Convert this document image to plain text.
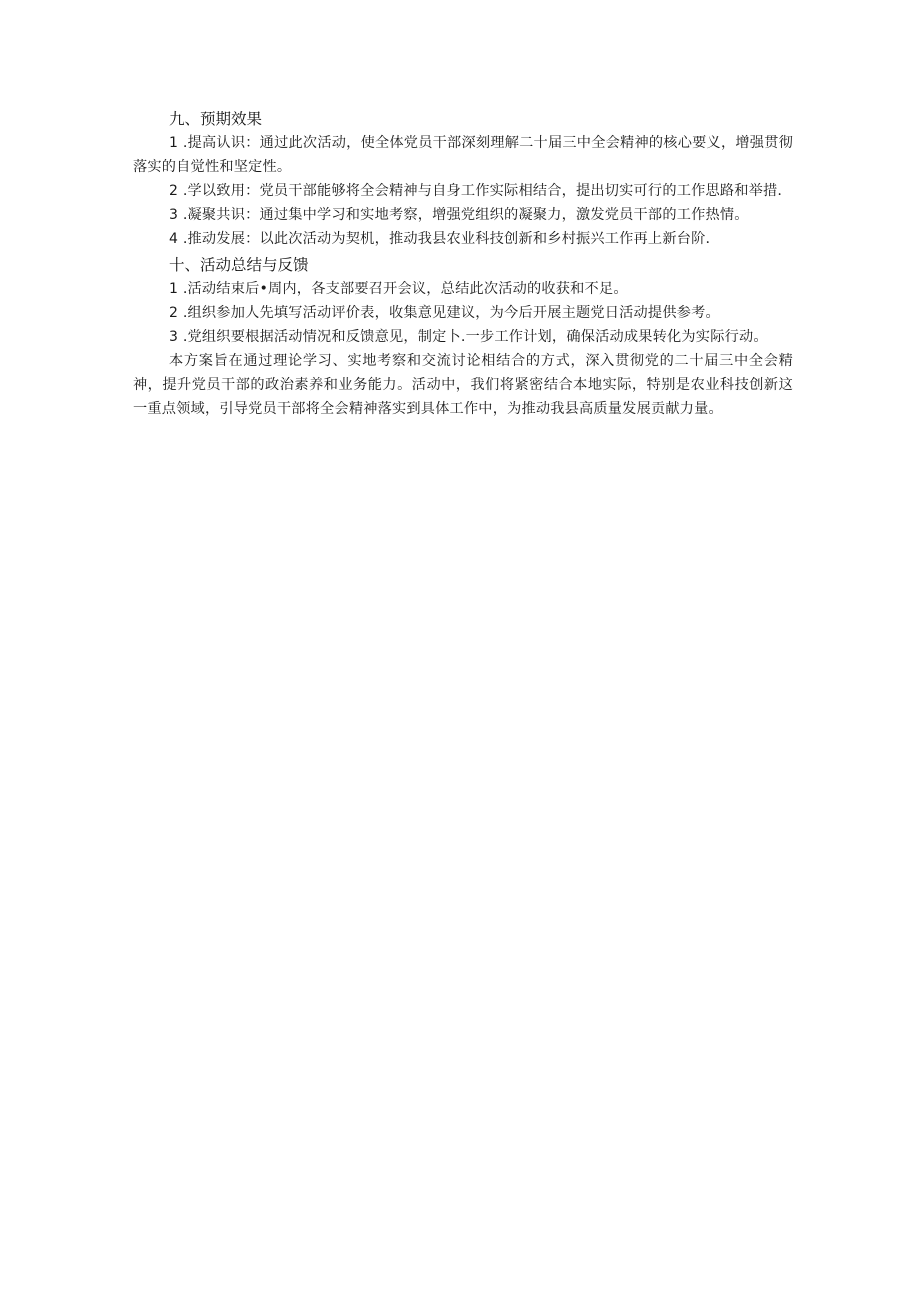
九、预期效果

1 .提高认识：通过此次活动，使全体党员干部深刻理解二十届三中全会精神的核心要义，增强贯彻落实的自觉性和坚定性。

2 .学以致用：党员干部能够将全会精神与自身工作实际相结合，提出切实可行的工作思路和举措.

3 .凝聚共识：通过集中学习和实地考察，增强党组织的凝聚力，激发党员干部的工作热情。

4 .推动发展：以此次活动为契机，推动我县农业科技创新和乡村振兴工作再上新台阶.

十、活动总结与反馈

1 .活动结束后•周内，各支部要召开会议，总结此次活动的收获和不足。

2 .组织参加人先填写活动评价表，收集意见建议，为今后开展主题党日活动提供参考。

3 .党组织要根据活动情况和反馈意见，制定卜.一步工作计划，确保活动成果转化为实际行动。

本方案旨在通过理论学习、实地考察和交流讨论相结合的方式，深入贯彻党的二十届三中全会精神，提升党员干部的政治素养和业务能力。活动中，我们将紧密结合本地实际，特别是农业科技创新这一重点领域，引导党员干部将全会精神落实到具体工作中，为推动我县高质量发展贡献力量。
